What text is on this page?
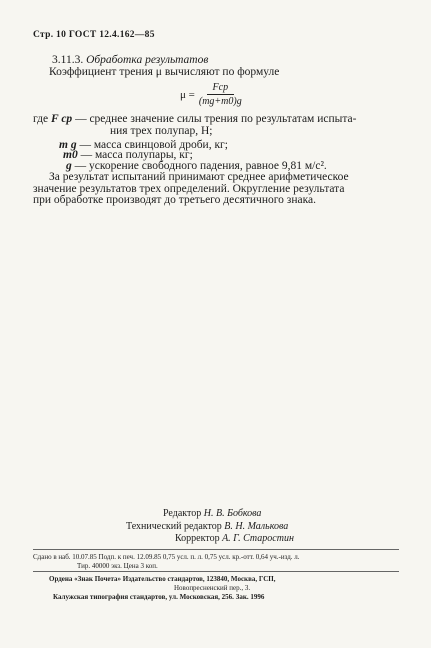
Стр. 10 ГОСТ 12.4.162—85
3.11.3. Обработка результатов
Коэффициент трения μ вычисляют по формуле
$\mu = \frac{\text{Fср}}{(mg+m0)g}$
где F ср — среднее значение силы трения по результатам испыта-
ния трех полупар, Н;
m g — масса свинцовой дроби, кг;
m0 — масса полупары, кг;
g — ускорение свободного падения, равное 9,81 м/с².
За результат испытаний принимают среднее арифметическое
значение результатов трех определений. Округление результата
при обработке производят до третьего десятичного знака.
Редактор Н. В. Бобкова
Технический редактор В. Н. Малькова
Корректор А. Г. Старостин
Сдано в наб. 10.07.85 Подп. к печ. 12.09.85 0,75 усл. п. л. 0,75 усл. кр.-отт. 0,64 уч.-изд. л.
Тир. 40000 экз. Цена 3 коп.
Ордена «Знак Почета» Издательство стандартов, 123840, Москва, ГСП,
Новопресненский пер., 3.
Калужская типография стандартов, ул. Московская, 256. Зак. 1996
